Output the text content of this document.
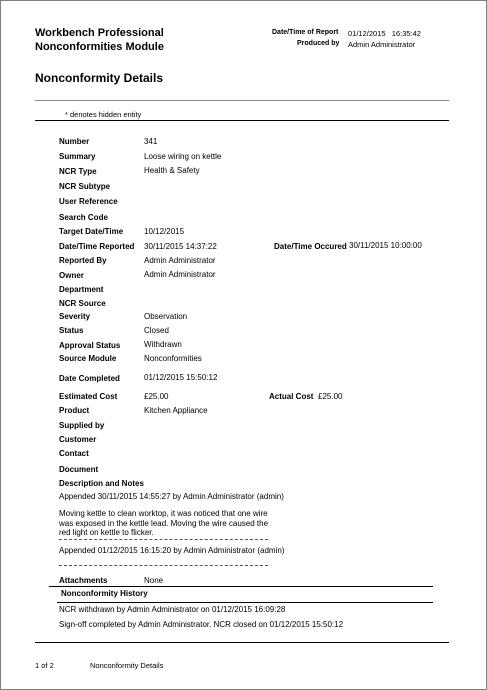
Workbench Professional
Nonconformities Module
Date/Time of Report 01/12/2015   16:35:42
Produced by Admin Administrator
Nonconformity Details
* denotes hidden entity
Number	341
Summary	Loose wiring on kettle
NCR Type	Health & Safety
NCR Subtype
User Reference
Search Code
Target Date/Time	10/12/2015
Date/Time Reported 30/11/2015 14:37:22	Date/Time Occured 30/11/2015 10:00:00
Reported By	Admin Administrator
Owner	Admin Administrator
Department
NCR Source
Severity	Observation
Status	Closed
Approval Status	Withdrawn
Source Module	Nonconformities
Date Completed	01/12/2015 15:50:12
Estimated Cost	£25.00	Actual Cost £25.00
Product	Kitchen Appliance
Supplied by
Customer
Contact
Document
Description and Notes
Appended 30/11/2015 14:55:27 by Admin Administrator (admin)
Moving kettle to clean worktop, it was noticed that one wire was exposed in the kettle lead. Moving the wire caused the red light on kettle to flicker.
Appended 01/12/2015 16:15:20 by Admin Administrator (admin)
Attachments	None
Nonconformity History
NCR withdrawn by Admin Administrator on 01/12/2015 16:09:28
Sign-off completed by Admin Administrator. NCR closed on 01/12/2015 15:50:12
1 of 2	Nonconformity Details
